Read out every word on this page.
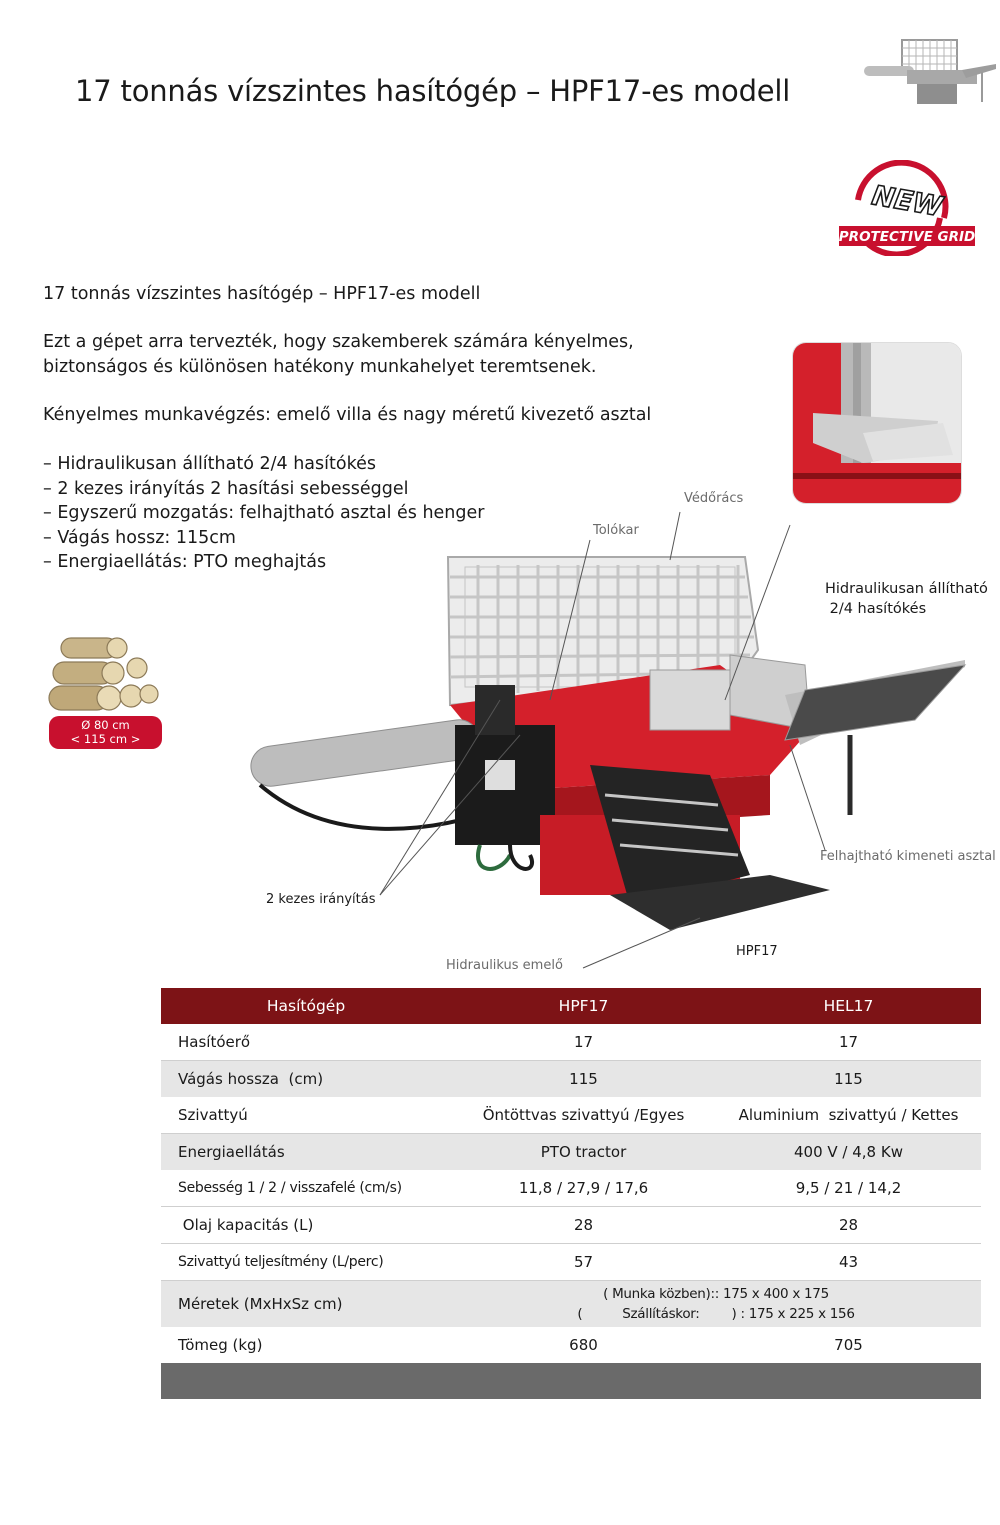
17 tonnás vízszintes hasítógép – HPF17-es modell
NEW
PROTECTIVE GRID
17 tonnás vízszintes hasítógép – HPF17-es modell
Ezt a gépet arra tervezték, hogy szakemberek számára kényelmes,
biztonságos és különösen hatékony munkahelyet teremtsenek.
Kényelmes munkavégzés: emelő villa és nagy méretű kivezető asztal
– Hidraulikusan állítható 2/4 hasítókés
– 2 kezes irányítás 2 hasítási sebességgel
– Egyszerű mozgatás: felhajtható asztal és henger
– Vágás hossz: 115cm
– Energiaellátás: PTO meghajtás
Ø 80 cm
< 115 cm >
Védőrács
Tolókar
Hidraulikusan állítható
2/4 hasítókés
Felhajtható kimeneti asztal
2 kezes irányítás
Hidraulikus emelő
HPF17
Hasítógép	HPF17	HEL17
Hasítóerő	17	17
Vágás hossza  (cm)	115	115
Szivattyú	Öntöttvas szivattyú /Egyes	Aluminium  szivattyú / Kettes
Energiaellátás	PTO tractor	400 V / 4,8 Kw
Sebesség 1 / 2 / visszafelé (cm/s)	11,8 / 27,9 / 17,6	9,5 / 21 / 14,2
Olaj kapacitás (L)	28	28
Szivattyú teljesítmény (L/perc)	57	43
Méretek (MxHxSz cm)
( Munka közben):: 175 x 400 x 175
(          Szállításkor:        ) : 175 x 225 x 156
Tömeg (kg)	680	705
